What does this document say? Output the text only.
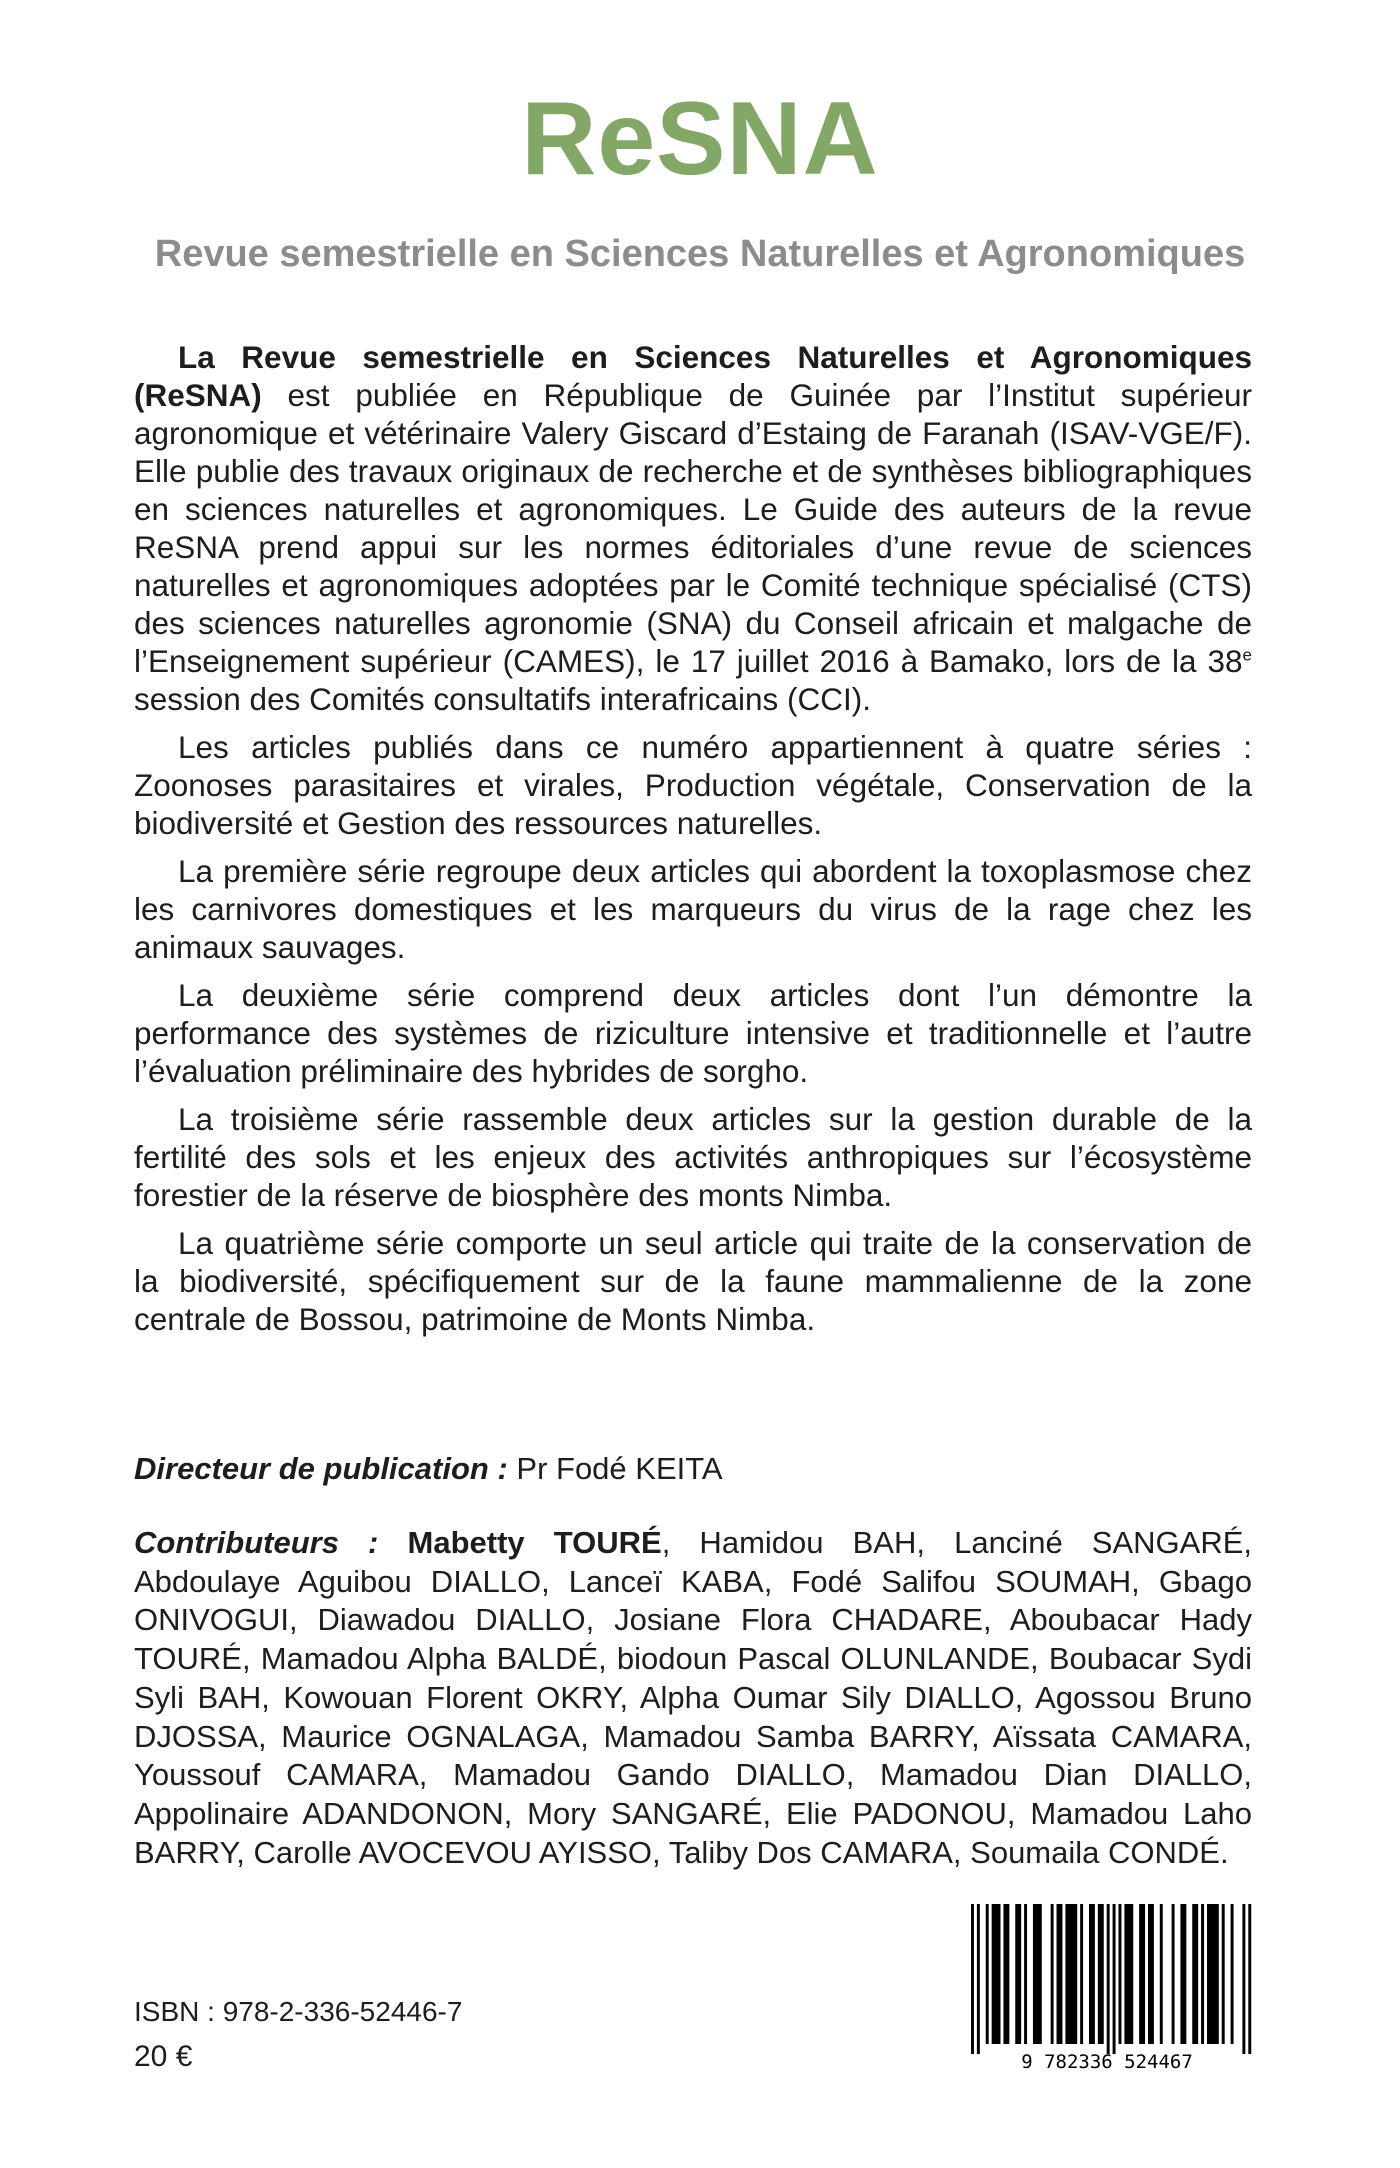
ReSNA
Revue semestrielle en Sciences Naturelles et Agronomiques

La Revue semestrielle en Sciences Naturelles et Agronomiques (ReSNA) est publiée en République de Guinée par l’Institut supérieur agronomique et vétérinaire Valery Giscard d’Estaing de Faranah (ISAV-VGE/F). Elle publie des travaux originaux de recherche et de synthèses bibliographiques en sciences naturelles et agronomiques. Le Guide des auteurs de la revue ReSNA prend appui sur les normes éditoriales d’une revue de sciences naturelles et agronomiques adoptées par le Comité technique spécialisé (CTS) des sciences naturelles agronomie (SNA) du Conseil africain et malgache de l’Enseignement supérieur (CAMES), le 17 juillet 2016 à Bamako, lors de la 38e session des Comités consultatifs interafricains (CCI).

Les articles publiés dans ce numéro appartiennent à quatre séries : Zoonoses parasitaires et virales, Production végétale, Conservation de la biodiversité et Gestion des ressources naturelles.

La première série regroupe deux articles qui abordent la toxoplasmose chez les carnivores domestiques et les marqueurs du virus de la rage chez les animaux sauvages.

La deuxième série comprend deux articles dont l’un démontre la performance des systèmes de riziculture intensive et traditionnelle et l’autre l’évaluation préliminaire des hybrides de sorgho.

La troisième série rassemble deux articles sur la gestion durable de la fertilité des sols et les enjeux des activités anthropiques sur l’écosystème forestier de la réserve de biosphère des monts Nimba.

La quatrième série comporte un seul article qui traite de la conservation de la biodiversité, spécifiquement sur de la faune mammalienne de la zone centrale de Bossou, patrimoine de Monts Nimba.

Directeur de publication : Pr Fodé KEITA
Contributeurs : Mabetty TOURÉ, Hamidou BAH, Lanciné SANGARÉ, Abdoulaye Aguibou DIALLO, Lanceï KABA, Fodé Salifou SOUMAH, Gbago ONIVOGUI, Diawadou DIALLO, Josiane Flora CHADARE, Aboubacar Hady TOURÉ, Mamadou Alpha BALDÉ, biodoun Pascal OLUNLANDE, Boubacar Sydi Syli BAH, Kowouan Florent OKRY, Alpha Oumar Sily DIALLO, Agossou Bruno DJOSSA, Maurice OGNALAGA, Mamadou Samba BARRY, Aïssata CAMARA, Youssouf CAMARA, Mamadou Gando DIALLO, Mamadou Dian DIALLO, Appolinaire ADANDONON, Mory SANGARÉ, Elie PADONOU, Mamadou Laho BARRY, Carolle AVOCEVOU AYISSO, Taliby Dos CAMARA, Soumaila CONDÉ.
ISBN : 978-2-336-52446-7
20 €	9 782336 524467
